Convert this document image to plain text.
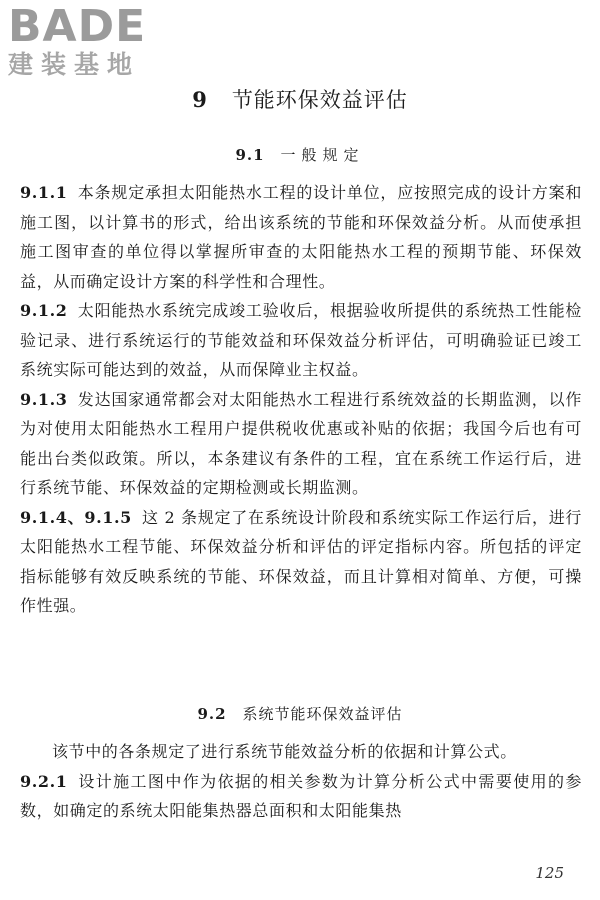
BADE
建装基地
9 节能环保效益评估
9.1 一般规定

9.1.1 本条规定承担太阳能热水工程的设计单位，应按照完成的设计方案和施工图，以计算书的形式，给出该系统的节能和环保效益分析。从而使承担施工图审查的单位得以掌握所审查的太阳能热水工程的预期节能、环保效益，从而确定设计方案的科学性和合理性。

9.1.2 太阳能热水系统完成竣工验收后，根据验收所提供的系统热工性能检验记录、进行系统运行的节能效益和环保效益分析评估，可明确验证已竣工系统实际可能达到的效益，从而保障业主权益。

9.1.3 发达国家通常都会对太阳能热水工程进行系统效益的长期监测，以作为对使用太阳能热水工程用户提供税收优惠或补贴的依据；我国今后也有可能出台类似政策。所以，本条建议有条件的工程，宜在系统工作运行后，进行系统节能、环保效益的定期检测或长期监测。

9.1.4、9.1.5 这 2 条规定了在系统设计阶段和系统实际工作运行后，进行太阳能热水工程节能、环保效益分析和评估的评定指标内容。所包括的评定指标能够有效反映系统的节能、环保效益，而且计算相对简单、方便，可操作性强。

9.2 系统节能环保效益评估

该节中的各条规定了进行系统节能效益分析的依据和计算公式。

9.2.1 设计施工图中作为依据的相关参数为计算分析公式中需要使用的参数，如确定的系统太阳能集热器总面积和太阳能集热

125
